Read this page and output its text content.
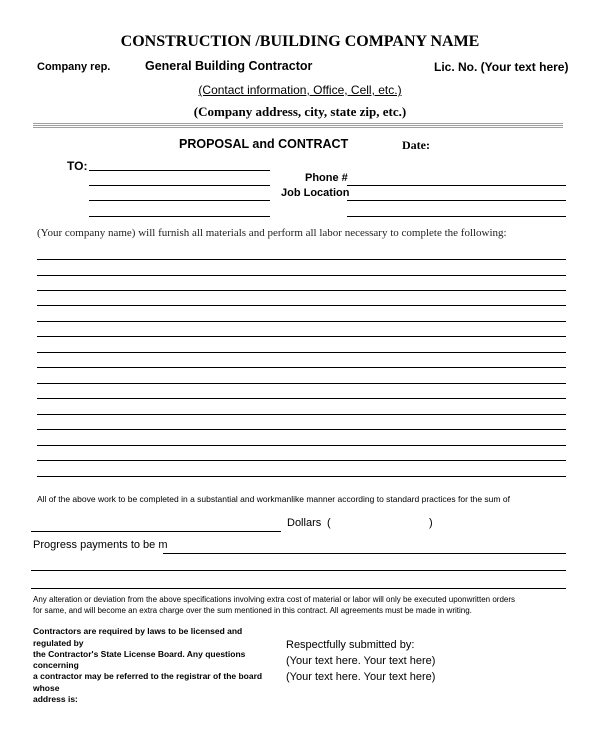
CONSTRUCTION /BUILDING COMPANY NAME
Company rep.	General Building Contractor	Lic. No. (Your text here)
(Contact information, Office, Cell, etc.)
(Company address, city, state zip, etc.)
PROPOSAL and CONTRACT	Date:
TO:
Phone #
Job Location
(Your company name) will furnish all materials and perform all labor necessary to complete the following:
All of the above work to be completed in a substantial and workmanlike manner according to standard practices for the sum of
Dollars (	)
Progress payments to be m
Any alteration or deviation from the above specifications involving extra cost of material or labor will only be executed uponwritten orders
for same, and will become an extra charge over the sum mentioned in this contract. All agreements must be made in writing.
Contractors are required by laws to be licensed and
regulated by
the Contractor's State License Board. Any questions
concerning
a contractor may be referred to the registrar of the board
whose
address is:
Respectfully submitted by:
(Your text here. Your text here)
(Your text here. Your text here)
